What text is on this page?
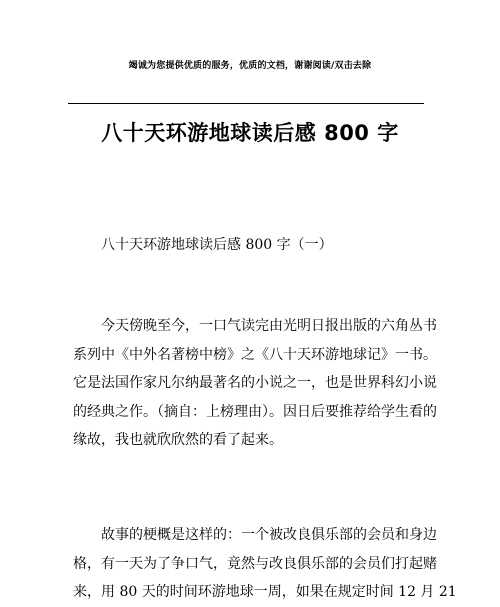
竭诚为您提供优质的服务，优质的文档，谢谢阅读/双击去除
八十天环游地球读后感 800 字
八十天环游地球读后感 800 字（一）
今天傍晚至今，一口气读完由光明日报出版的六角丛书
系列中《中外名著榜中榜》之《八十天环游地球记》一书。
它是法国作家凡尔纳最著名的小说之一，也是世界科幻小说
的经典之作。（摘自：上榜理由）。因日后要推荐给学生看的
缘故，我也就欣欣然的看了起来。
故事的梗概是这样的：一个被改良俱乐部的会员和身边
格，有一天为了争口气，竟然与改良俱乐部的会员们打起赌
来，用 80 天的时间环游地球一周，如果在规定时间 12 月 21
